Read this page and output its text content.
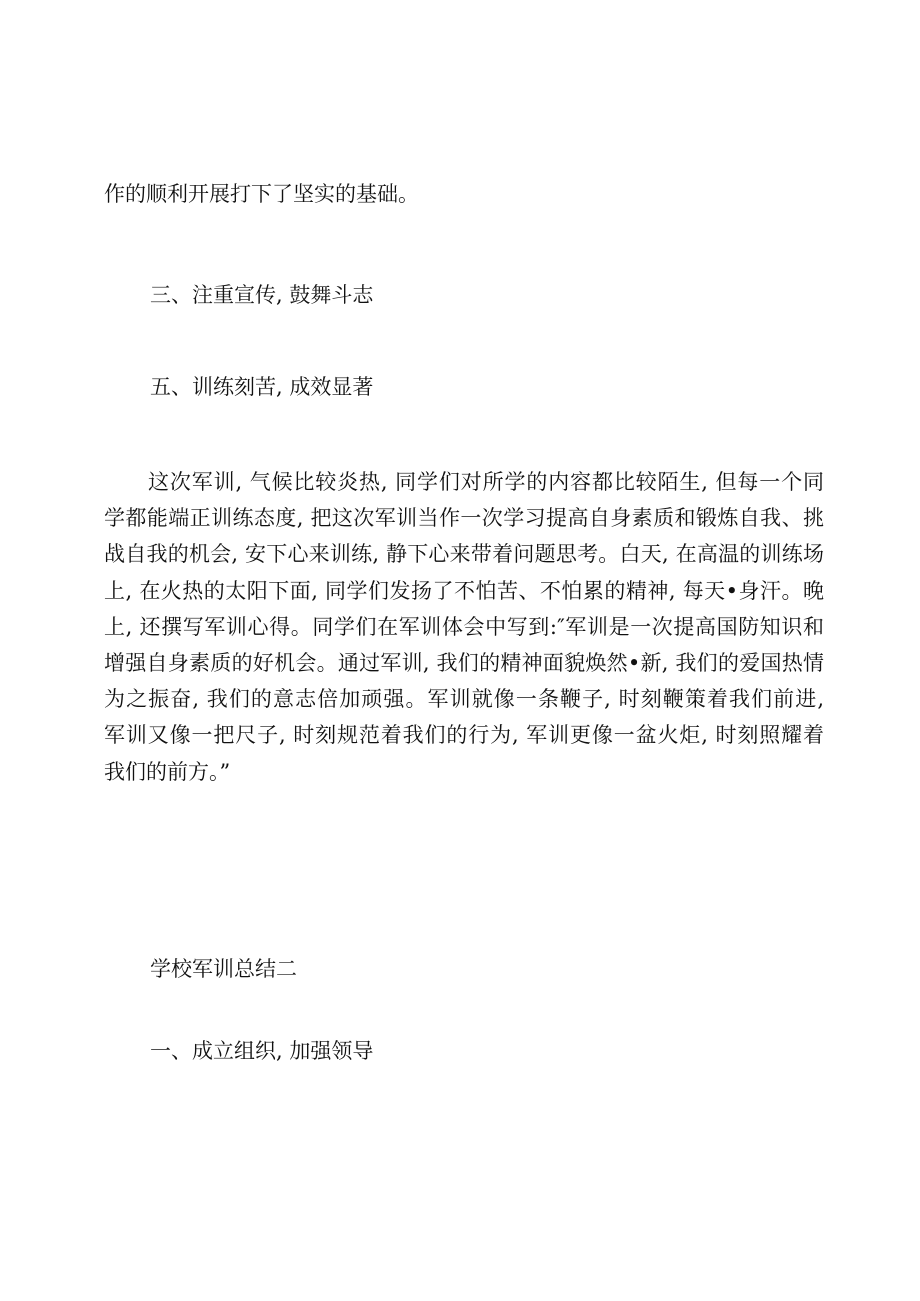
作的顺利开展打下了坚实的基础。
三、注重宣传, 鼓舞斗志
五、训练刻苦, 成效显著
这次军训, 气候比较炎热, 同学们对所学的内容都比较陌生, 但每一个同
学都能端正训练态度, 把这次军训当作一次学习提高自身素质和锻炼自我、挑
战自我的机会, 安下心来训练, 静下心来带着问题思考。白天, 在高温的训练场
上, 在火热的太阳下面, 同学们发扬了不怕苦、不怕累的精神, 每天•身汗。晚
上, 还撰写军训心得。同学们在军训体会中写到:″军训是一次提高国防知识和
增强自身素质的好机会。通过军训, 我们的精神面貌焕然•新, 我们的爱国热情
为之振奋, 我们的意志倍加顽强。军训就像一条鞭子, 时刻鞭策着我们前进,
军训又像一把尺子, 时刻规范着我们的行为, 军训更像一盆火炬, 时刻照耀着
我们的前方。”
学校军训总结二
一、成立组织, 加强领导
